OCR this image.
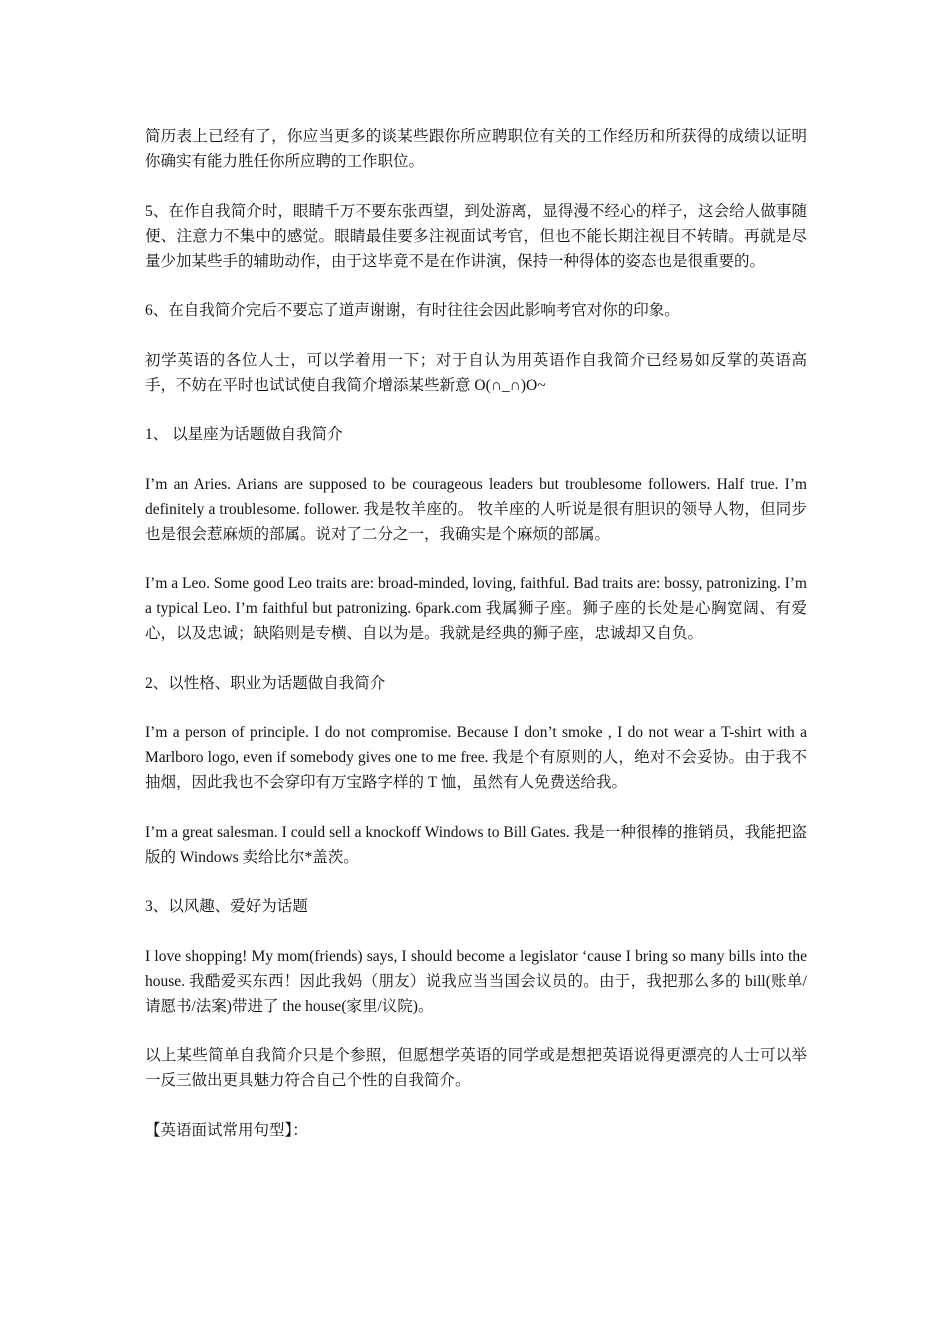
简历表上已经有了，你应当更多的谈某些跟你所应聘职位有关的工作经历和所获得的成绩以证明你确实有能力胜任你所应聘的工作职位。

5、在作自我简介时，眼睛千万不要东张西望，到处游离，显得漫不经心的样子，这会给人做事随便、注意力不集中的感觉。眼睛最佳要多注视面试考官，但也不能长期注视目不转睛。再就是尽量少加某些手的辅助动作，由于这毕竟不是在作讲演，保持一种得体的姿态也是很重要的。

6、在自我简介完后不要忘了道声谢谢，有时往往会因此影响考官对你的印象。

初学英语的各位人士，可以学着用一下；对于自认为用英语作自我简介已经易如反掌的英语高手，不妨在平时也试试使自我简介增添某些新意 O(∩_∩)O~

1、 以星座为话题做自我简介

I’m an Aries. Arians are supposed to be courageous leaders but troublesome followers. Half true. I’m definitely a troublesome. follower. 我是牧羊座的。 牧羊座的人听说是很有胆识的领导人物，但同步也是很会惹麻烦的部属。说对了二分之一，我确实是个麻烦的部属。

I’m a Leo. Some good Leo traits are: broad-minded, loving, faithful. Bad traits are: bossy, patronizing. I’m a typical Leo. I’m faithful but patronizing. 6park.com 我属狮子座。狮子座的长处是心胸宽阔、有爱心，以及忠诚；缺陷则是专横、自以为是。我就是经典的狮子座，忠诚却又自负。

2、以性格、职业为话题做自我简介

I’m a person of principle. I do not compromise. Because I don’t smoke , I do not wear a T-shirt with a Marlboro logo, even if somebody gives one to me free. 我是个有原则的人，绝对不会妥协。由于我不抽烟，因此我也不会穿印有万宝路字样的 T 恤，虽然有人免费送给我。

I’m a great salesman. I could sell a knockoff Windows to Bill Gates. 我是一种很棒的推销员，我能把盗版的 Windows 卖给比尔*盖茨。

3、以风趣、爱好为话题

I love shopping! My mom(friends) says, I should become a legislator ‘cause I bring so many bills into the house. 我酷爱买东西！因此我妈（朋友）说我应当当国会议员的。由于，我把那么多的 bill(账单/请愿书/法案)带进了 the house(家里/议院)。

以上某些简单自我简介只是个参照，但愿想学英语的同学或是想把英语说得更漂亮的人士可以举一反三做出更具魅力符合自己个性的自我简介。

【英语面试常用句型】：
